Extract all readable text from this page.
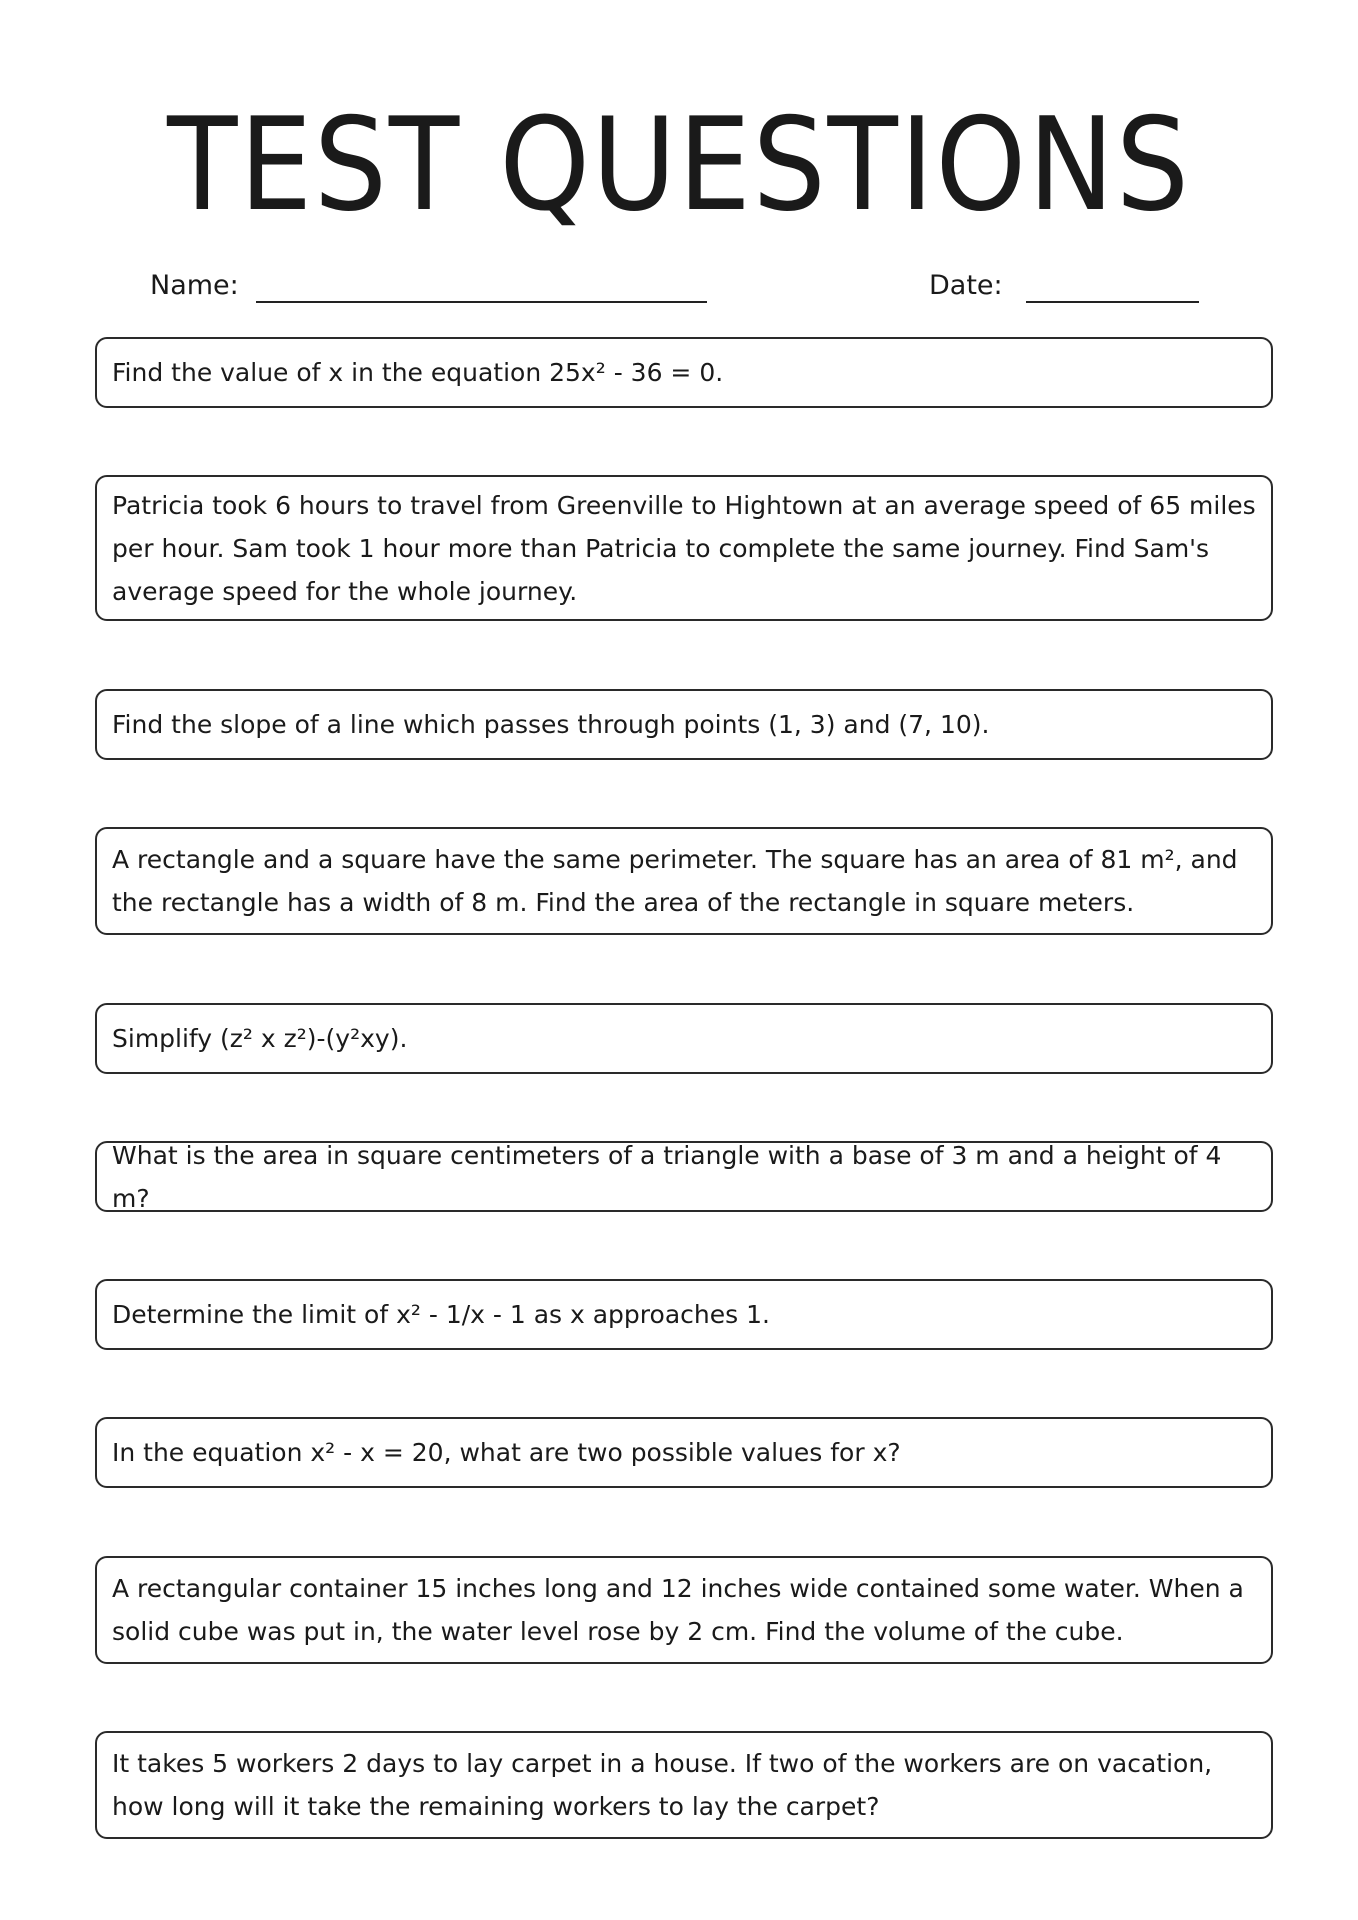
TEST QUESTIONS
Name:	Date:
Find the value of x in the equation 25x² - 36 = 0.
Patricia took 6 hours to travel from Greenville to Hightown at an average speed of 65 miles per hour. Sam took 1 hour more than Patricia to complete the same journey. Find Sam's average speed for the whole journey.
Find the slope of a line which passes through points (1, 3) and (7, 10).
A rectangle and a square have the same perimeter. The square has an area of 81 m², and the rectangle has a width of 8 m. Find the area of the rectangle in square meters.
Simplify (z² x z²)-(y²xy).
What is the area in square centimeters of a triangle with a base of 3 m and a height of 4 m?
Determine the limit of x² - 1/x - 1 as x approaches 1.
In the equation x² - x = 20, what are two possible values for x?
A rectangular container 15 inches long and 12 inches wide contained some water. When a solid cube was put in, the water level rose by 2 cm. Find the volume of the cube.
It takes 5 workers 2 days to lay carpet in a house. If two of the workers are on vacation, how long will it take the remaining workers to lay the carpet?
